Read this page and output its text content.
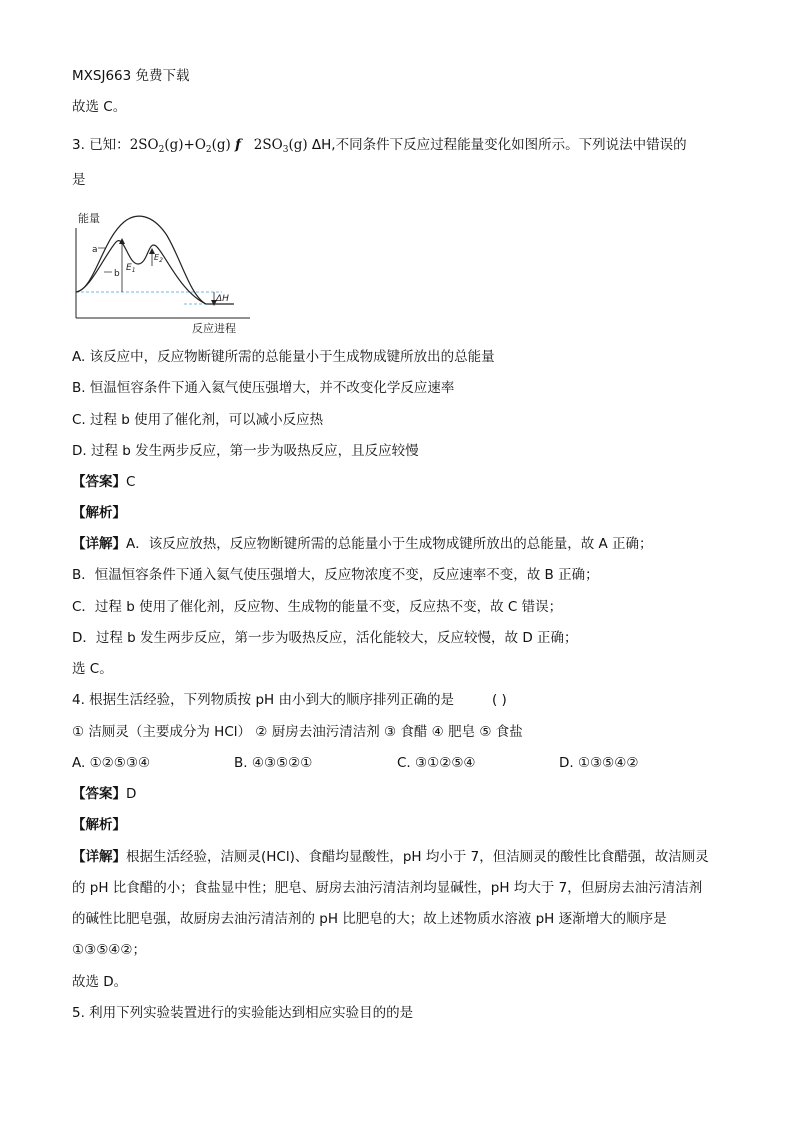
MXSJ663 免费下载
故选 C。
3. 已知：$2SO_2(g)+O_2(g)$ f $2SO_3(g)$ ΔH,不同条件下反应过程能量变化如图所示。下列说法中错误的
是
能量
反应进程
a
b
$E_1$
$E_2$
ΔH
A. 该反应中，反应物断键所需的总能量小于生成物成键所放出的总能量
B. 恒温恒容条件下通入氦气使压强增大，并不改变化学反应速率
C. 过程 b 使用了催化剂，可以减小反应热
D. 过程 b 发生两步反应，第一步为吸热反应，且反应较慢
【答案】C
【解析】
【详解】A．该反应放热，反应物断键所需的总能量小于生成物成键所放出的总能量，故 A 正确；
B．恒温恒容条件下通入氦气使压强增大，反应物浓度不变，反应速率不变，故 B 正确；
C．过程 b 使用了催化剂，反应物、生成物的能量不变，反应热不变，故 C 错误；
D．过程 b 发生两步反应，第一步为吸热反应，活化能较大，反应较慢，故 D 正确；
选 C。
4. 根据生活经验，下列物质按 pH 由小到大的顺序排列正确的是	( )
① 洁厕灵（主要成分为 HCl） ② 厨房去油污清洁剂 ③ 食醋 ④ 肥皂 ⑤ 食盐
A. ①②⑤③④	B. ④③⑤②①	C. ③①②⑤④	D. ①③⑤④②
【答案】D
【解析】
【详解】根据生活经验，洁厕灵(HCl)、食醋均显酸性，pH 均小于 7，但洁厕灵的酸性比食醋强，故洁厕灵
的 pH 比食醋的小；食盐显中性；肥皂、厨房去油污清洁剂均显碱性，pH 均大于 7，但厨房去油污清洁剂
的碱性比肥皂强，故厨房去油污清洁剂的 pH 比肥皂的大；故上述物质水溶液 pH 逐渐增大的顺序是
①③⑤④②；
故选 D。
5. 利用下列实验装置进行的实验能达到相应实验目的的是
